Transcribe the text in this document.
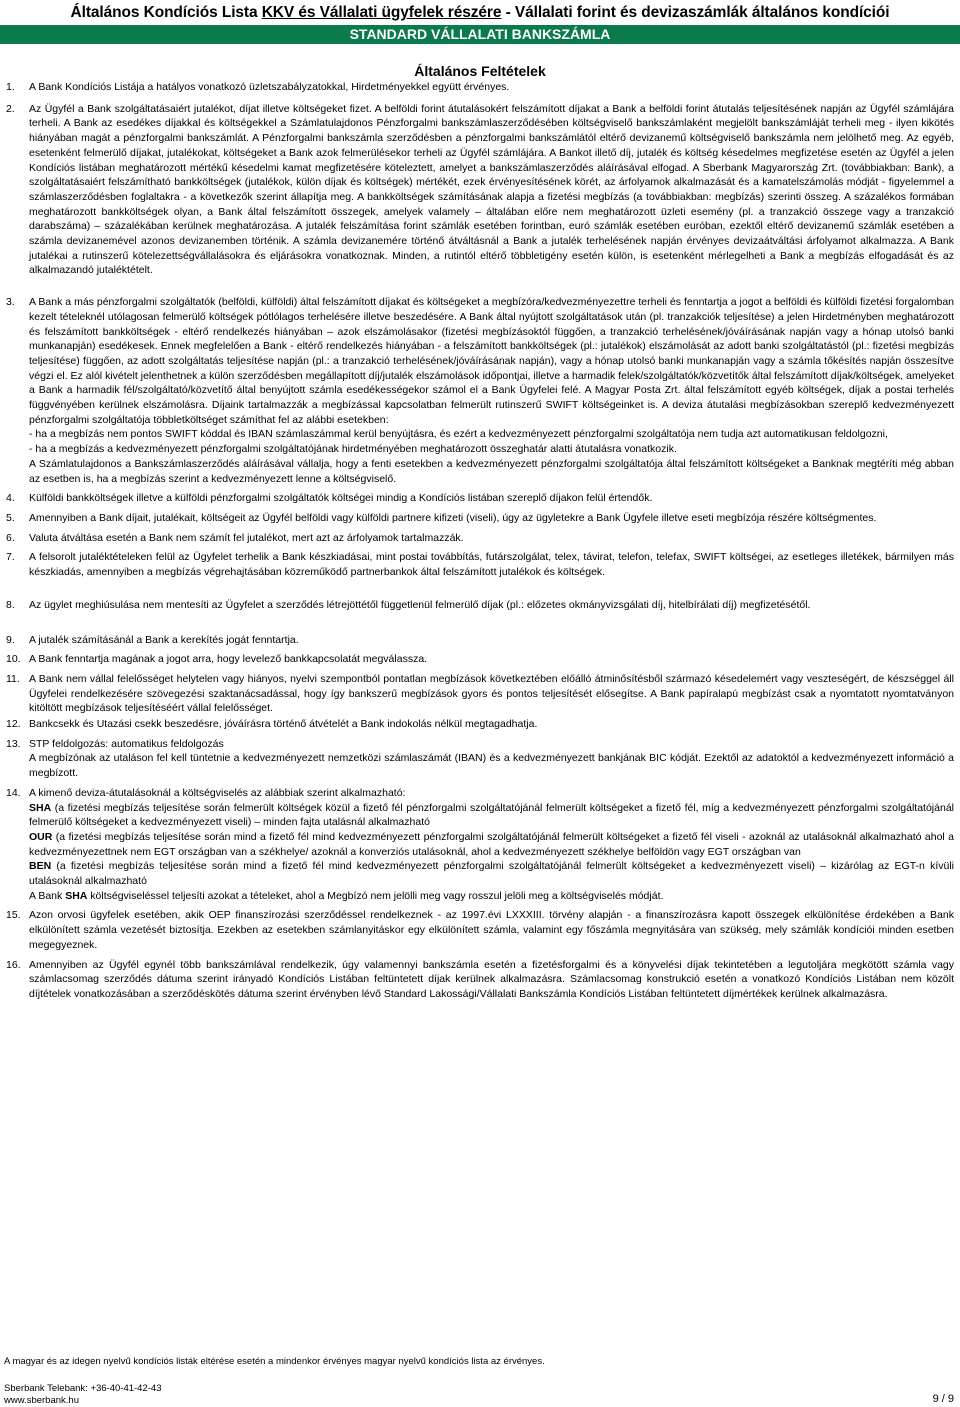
Általános Kondíciós Lista KKV és Vállalati ügyfelek részére - Vállalati forint és devizaszámlák általános kondíciói
STANDARD VÁLLALATI BANKSZÁMLA
Általános Feltételek
1. A Bank Kondíciós Listája a hatályos vonatkozó üzletszabályzatokkal, Hirdetményekkel együtt érvényes.
2. Az Ügyfél a Bank szolgáltatásaiért jutalékot, díjat illetve költségeket fizet. A belföldi forint átutalásokért felszámított díjakat a Bank a belföldi forint átutalás teljesítésének napján az Ügyfél számlájára terheli. A Bank az esedékes díjakkal és költségekkel a Számlatulajdonos Pénzforgalmi bankszámlaszerződésében költségviselő bankszámlaként megjelölt bankszámláját terheli meg - ilyen kikötés hiányában magát a pénzforgalmi bankszámlát. A Pénzforgalmi bankszámla szerződésben a pénzforgalmi bankszámlától eltérő devizanemű költségviselő bankszámla nem jelölhető meg. Az egyéb, esetenként felmerülő díjakat, jutalékokat, költségeket a Bank azok felmerülésekor terheli az Ügyfél számlájára. A Bankot illető díj, jutalék és költség késedelmes megfizetése esetén az Ügyfél a jelen Kondíciós listában meghatározott mértékű késedelmi kamat megfizetésére köteleztett, amelyet a bankszámlaszerződés aláírásával elfogad. A Sberbank Magyarország Zrt. (továbbiakban: Bank), a szolgáltatásaiért felszámítható bankköltségek (jutalékok, külön díjak és költségek) mértékét, ezek érvényesítésének körét, az árfolyamok alkalmazását és a kamatelszámolás módját - figyelemmel a számlaszerződésben foglaltakra - a következők szerint állapítja meg. A bankköltségek számításának alapja a fizetési megbízás (a továbbiakban: megbízás) szerinti összeg. A százalékos formában meghatározott bankköltségek olyan, a Bank által felszámított összegek, amelyek valamely – általában előre nem meghatározott üzleti esemény (pl. a tranzakció összege vagy a tranzakció darabszáma) – százalékában kerülnek meghatározása. A jutalék felszámítása forint számlák esetében forintban, euró számlák esetében euróban, ezektől eltérő devizanemű számlák esetében a számla devizanemével azonos devizanemben történik. A számla devizanemére történő átváltásnál a Bank a jutalék terhelésének napján érvényes devizaátváltási árfolyamot alkalmazza. A Bank jutalékai a rutinszerű kötelezettségvállalásokra és eljárásokra vonatkoznak. Minden, a rutintól eltérő többletigény esetén külön, is esetenként mérlegelheti a Bank a megbízás elfogadását és az alkalmazandó jutaléktételt.
3. A Bank a más pénzforgalmi szolgáltatók (belföldi, külföldi) által felszámított díjakat és költségeket a megbízóra/kedvezményezettre terheli és fenntartja a jogot a belföldi és külföldi fizetési forgalomban kezelt tételeknél utólagosan felmerülő költségek pótlólagos terhelésére illetve beszedésére. A Bank által nyújtott szolgáltatások után (pl. tranzakciók teljesítése) a jelen Hirdetményben meghatározott és felszámított bankköltségek - eltérő rendelkezés hiányában – azok elszámolásakor (fizetési megbízásoktól függően, a tranzakció terhelésének/jóváírásának napján vagy a hónap utolsó banki munkanapján) esedékesek. Ennek megfelelően a Bank - eltérő rendelkezés hiányában - a felszámított bankköltségek (pl.: jutalékok) elszámolását az adott banki szolgáltatástól (pl.: fizetési megbízás teljesítése) függően, az adott szolgáltatás teljesítése napján (pl.: a tranzakció terhelésének/jóváírásának napján), vagy a hónap utolsó banki munkanapján vagy a számla tőkésítés napján összesítve végzi el. Ez alól kivételt jelenthetnek a külön szerződésben megállapított díj/jutalék elszámolások időpontjai, illetve a harmadik felek/szolgáltatók/közvetítők által felszámított díjak/költségek, amelyeket a Bank a harmadik fél/szolgáltató/közvetítő által benyújtott számla esedékességekor számol el a Bank Ügyfelei felé. A Magyar Posta Zrt. által felszámított egyéb költségek, díjak a postai terhelés függvényében kerülnek elszámolásra. Díjaink tartalmazzák a megbízással kapcsolatban felmerült rutinszerű SWIFT költségeinket is. A deviza átutalási megbízásokban szereplő kedvezményezett pénzforgalmi szolgáltatója többletköltséget számíthat fel az alábbi esetekben:
- ha a megbízás nem pontos SWIFT kóddal és IBAN számlaszámmal kerül benyújtásra, és ezért a kedvezményezett pénzforgalmi szolgáltatója nem tudja azt automatikusan feldolgozni,
- ha a megbízás a kedvezményezett pénzforgalmi szolgáltatójának hirdetményében meghatározott összeghatár alatti átutalásra vonatkozik.
A Számlatulajdonos a Bankszámlaszerződés aláírásával vállalja, hogy a fenti esetekben a kedvezményezett pénzforgalmi szolgáltatója által felszámított költségeket a Banknak megtéríti még abban az esetben is, ha a megbízás szerint a kedvezményezett lenne a költségviselő.
4. Külföldi bankköltségek illetve a külföldi pénzforgalmi szolgáltatók költségei mindig a Kondíciós listában szereplő díjakon felül értendők.
5. Amennyiben a Bank díjait, jutalékait, költségeit az Ügyfél belföldi vagy külföldi partnere kifizeti (viseli), úgy az ügyletekre a Bank Ügyfele illetve eseti megbízója részére költségmentes.
6. Valuta átváltása esetén a Bank nem számít fel jutalékot, mert azt az árfolyamok tartalmazzák.
7. A felsorolt jutaléktételeken felül az Ügyfelet terhelik a Bank készkiadásai, mint postai továbbítás, futárszolgálat, telex, távirat, telefon, telefax, SWIFT költségei, az esetleges illetékek, bármilyen más készkiadás, amennyiben a megbízás végrehajtásában közreműködő partnerbankok által felszámított jutalékok és költségek.
8. Az ügylet meghiúsulása nem mentesíti az Ügyfelet a szerződés létrejöttétől függetlenül felmerülő díjak (pl.: előzetes okmányvizsgálati díj, hitelbírálati díj) megfizetésétől.
9. A jutalék számításánál a Bank a kerekítés jogát fenntartja.
10. A Bank fenntartja magának a jogot arra, hogy levelező bankkapcsolatát megválassza.
11. A Bank nem vállal felelősséget helytelen vagy hiányos, nyelvi szempontból pontatlan megbízások következtében előálló átminősítésből származó késedelemért vagy veszteségért, de készséggel áll Ügyfelei rendelkezésére szövegezési szaktanácsadással, hogy így bankszerű megbízások gyors és pontos teljesítését elősegítse. A Bank papíralapú megbízást csak a nyomtatott nyomtatványon kitöltött megbízások teljesítéséért vállal felelősséget.
12. Bankcsekk és Utazási csekk beszedésre, jóváírásra történő átvételét a Bank indokolás nélkül megtagadhatja.
13. STP feldolgozás: automatikus feldolgozás
A megbízónak az utaláson fel kell tüntetnie a kedvezményezett nemzetközi számlaszámát (IBAN) és a kedvezményezett bankjának BIC kódját. Ezektől az adatoktól a kedvezményezett információ a megbízott.
14. A kimenő deviza-átutalásoknál a költségviselés az alábbiak szerint alkalmazható:
SHA (a fizetési megbízás teljesítése során felmerült költségek közül a fizető fél pénzforgalmi szolgáltatójánál felmerült költségeket a fizető fél, míg a kedvezményezett pénzforgalmi szolgáltatójánál felmerülő költségeket a kedvezményezett viseli) – minden fajta utalásnál alkalmazható
OUR (a fizetési megbízás teljesítése során mind a fizető fél mind kedvezményezett pénzforgalmi szolgáltatójánál felmerült költségeket a fizető fél viseli - azoknál az utalásoknál alkalmazható ahol a kedvezményezettnek nem EGT országban van a székhelye/ azoknál a konverziós utalásoknál, ahol a kedvezményezett székhelye belföldön vagy EGT országban van
BEN (a fizetési megbízás teljesítése során mind a fizető fél mind kedvezményezett pénzforgalmi szolgáltatójánál felmerült költségeket a kedvezményezett viseli) – kizárólag az EGT-n kívüli utalásoknál alkalmazható
A Bank SHA költségviseléssel teljesíti azokat a tételeket, ahol a Megbízó nem jelölli meg vagy rosszul jelöli meg a költségviselés módját.
15. Azon orvosi ügyfelek esetében, akik OEP finanszírozási szerződéssel rendelkeznek - az 1997.évi LXXXIII. törvény alapján - a finanszírozásra kapott összegek elkülönítése érdekében a Bank elkülönített számla vezetését biztosítja. Ezekben az esetekben számlanyitáskor egy elkülönített számla, valamint egy főszámla megnyitására van szükség, mely számlák kondíciói minden esetben megegyeznek.
16. Amennyiben az Ügyfél egynél több bankszámlával rendelkezik, úgy valamennyi bankszámla esetén a fizetésforgalmi és a könyvelési díjak tekintetében a legutoljára megkötött számla vagy számlacsomag szerződés dátuma szerint irányadó Kondíciós Listában feltüntetett díjak kerülnek alkalmazásra. Számlacsomag konstrukció esetén a vonatkozó Kondíciós Listában nem közölt díjtételek vonatkozásában a szerződéskötés dátuma szerint érvényben lévő Standard Lakossági/Vállalati Bankszámla Kondíciós Listában feltüntetett díjmértékek kerülnek alkalmazásra.
A magyar és az idegen nyelvű kondíciós listák eltérése esetén a mindenkor érvényes magyar nyelvű kondíciós lista az érvényes.
Sberbank Telebank: +36-40-41-42-43
www.sberbank.hu	9 / 9
